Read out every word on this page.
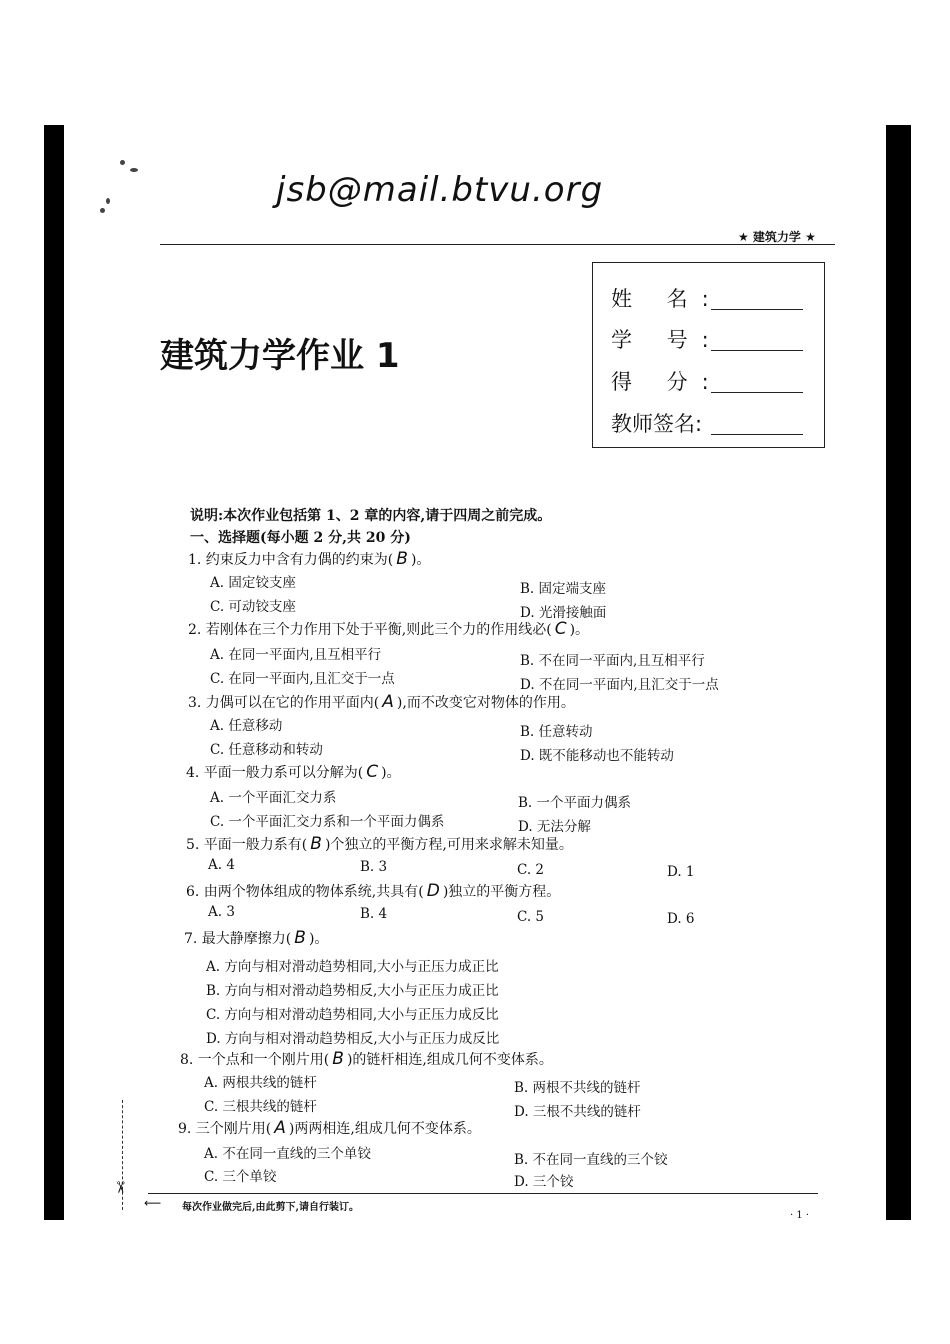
jsb@mail.btvu.org
★ 建筑力学 ★
建筑力学作业 1
姓 名:
学 号:
得 分:
教师签名:
说明:本次作业包括第 1、2 章的内容,请于四周之前完成。
一、选择题(每小题 2 分,共 20 分)
1. 约束反力中含有力偶的约束为( B )。
A. 固定铰支座	B. 固定端支座
C. 可动铰支座	D. 光滑接触面
2. 若刚体在三个力作用下处于平衡,则此三个力的作用线必( C )。
A. 在同一平面内,且互相平行	B. 不在同一平面内,且互相平行
C. 在同一平面内,且汇交于一点	D. 不在同一平面内,且汇交于一点
3. 力偶可以在它的作用平面内( A ),而不改变它对物体的作用。
A. 任意移动	B. 任意转动
C. 任意移动和转动	D. 既不能移动也不能转动
4. 平面一般力系可以分解为( C )。
A. 一个平面汇交力系	B. 一个平面力偶系
C. 一个平面汇交力系和一个平面力偶系	D. 无法分解
5. 平面一般力系有( B )个独立的平衡方程,可用来求解未知量。
A. 4	B. 3	C. 2	D. 1
6. 由两个物体组成的物体系统,共具有( D )独立的平衡方程。
A. 3	B. 4	C. 5	D. 6
7. 最大静摩擦力( B )。
A. 方向与相对滑动趋势相同,大小与正压力成正比
B. 方向与相对滑动趋势相反,大小与正压力成正比
C. 方向与相对滑动趋势相同,大小与正压力成反比
D. 方向与相对滑动趋势相反,大小与正压力成反比
8. 一个点和一个刚片用( B )的链杆相连,组成几何不变体系。
A. 两根共线的链杆	B. 两根不共线的链杆
C. 三根共线的链杆	D. 三根不共线的链杆
9. 三个刚片用( A )两两相连,组成几何不变体系。
A. 不在同一直线的三个单铰	B. 不在同一直线的三个铰
C. 三个单铰	D. 三个铰
✂
⟵ 每次作业做完后,由此剪下,请自行装订。
· 1 ·
